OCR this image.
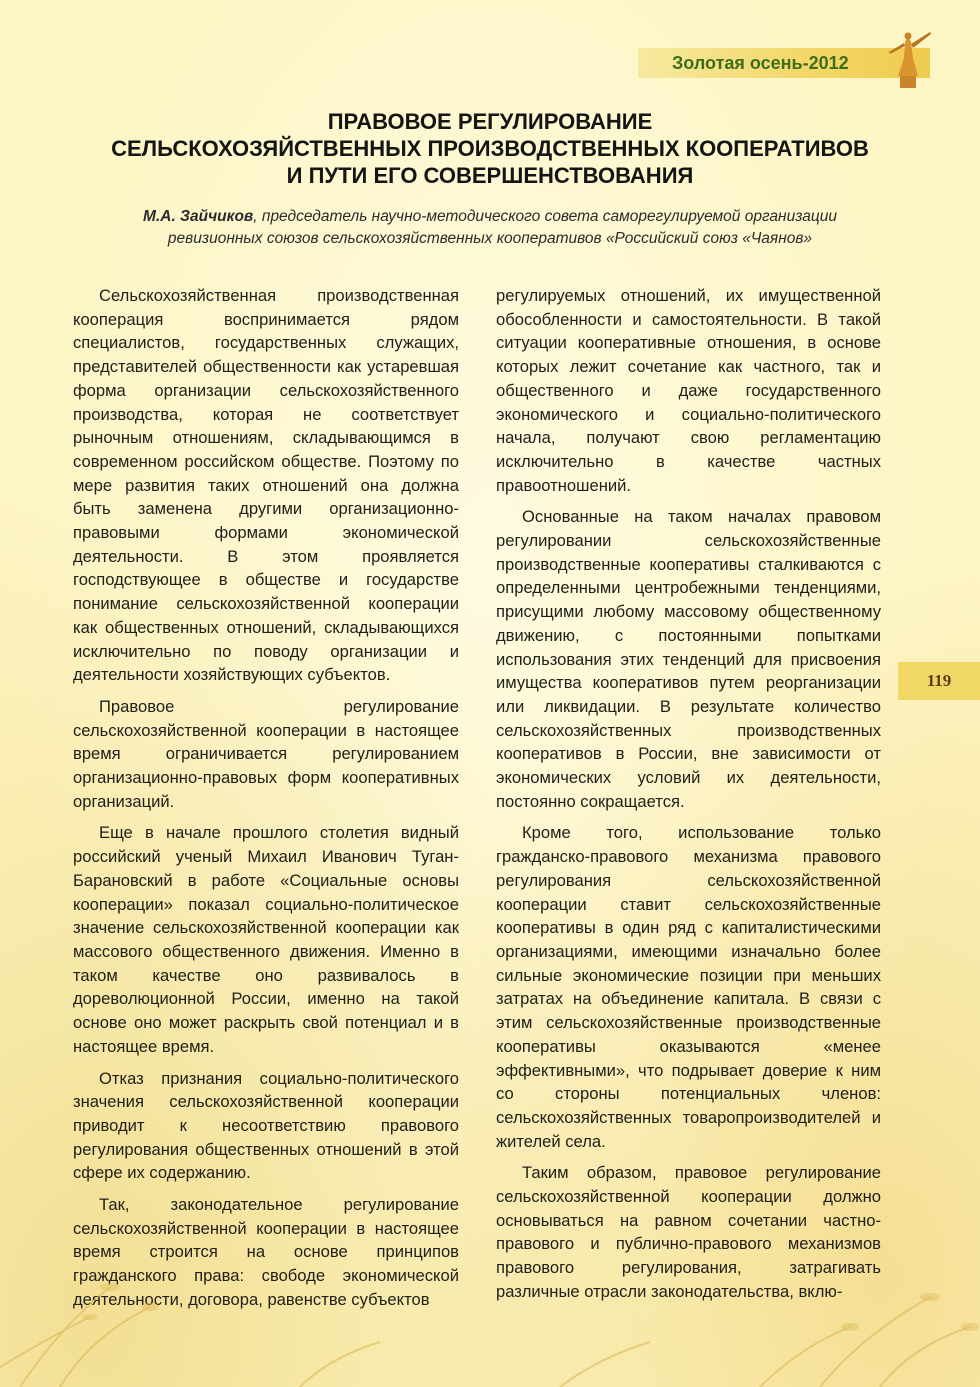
Золотая осень-2012
ПРАВОВОЕ РЕГУЛИРОВАНИЕ
СЕЛЬСКОХОЗЯЙСТВЕННЫХ ПРОИЗВОДСТВЕННЫХ КООПЕРАТИВОВ
И ПУТИ ЕГО СОВЕРШЕНСТВОВАНИЯ

М.А. Зайчиков, председатель научно-методического совета саморегулируемой организации
ревизионных союзов сельскохозяйственных кооперативов «Российский союз «Чаянов»

Сельскохозяйственная производственная кооперация воспринимается рядом специалистов, государственных служащих, представителей общественности как устаревшая форма организации сельскохозяйственного производства, которая не соответствует рыночным отношениям, складывающимся в современном российском обществе. Поэтому по мере развития таких отношений она должна быть заменена другими организационно-правовыми формами экономической деятельности. В этом проявляется господствующее в обществе и государстве понимание сельскохозяйственной кооперации как общественных отношений, складывающихся исключительно по поводу организации и деятельности хозяйствующих субъектов.

Правовое регулирование сельскохозяйственной кооперации в настоящее время ограничивается регулированием организационно-правовых форм кооперативных организаций.

Еще в начале прошлого столетия видный российский ученый Михаил Иванович Туган-Барановский в работе «Социальные основы кооперации» показал социально-политическое значение сельскохозяйственной кооперации как массового общественного движения. Именно в таком качестве оно развивалось в дореволюционной России, именно на такой основе оно может раскрыть свой потенциал и в настоящее время.

Отказ признания социально-политического значения сельскохозяйственной кооперации приводит к несоответствию правового регулирования общественных отношений в этой сфере их содержанию.

Так, законодательное регулирование сельскохозяйственной кооперации в настоящее время строится на основе принципов гражданского права: свободе экономической деятельности, договора, равенстве субъектов

регулируемых отношений, их имущественной обособленности и самостоятельности. В такой ситуации кооперативные отношения, в основе которых лежит сочетание как частного, так и общественного и даже государственного экономического и социально-политического начала, получают свою регламентацию исключительно в качестве частных правоотношений.

Основанные на таком началах правовом регулировании сельскохозяйственные производственные кооперативы сталкиваются с определенными центробежными тенденциями, присущими любому массовому общественному движению, с постоянными попытками использования этих тенденций для присвоения имущества кооперативов путем реорганизации или ликвидации. В результате количество сельскохозяйственных производственных кооперативов в России, вне зависимости от экономических условий их деятельности, постоянно сокращается.

Кроме того, использование только гражданско-правового механизма правового регулирования сельскохозяйственной кооперации ставит сельскохозяйственные кооперативы в один ряд с капиталистическими организациями, имеющими изначально более сильные экономические позиции при меньших затратах на объединение капитала. В связи с этим сельскохозяйственные производственные кооперативы оказываются «менее эффективными», что подрывает доверие к ним со стороны потенциальных членов: сельскохозяйственных товаропроизводителей и жителей села.

Таким образом, правовое регулирование сельскохозяйственной кооперации должно основываться на равном сочетании частно-правового и публично-правового механизмов правового регулирования, затрагивать различные отрасли законодательства, вклю-

119
